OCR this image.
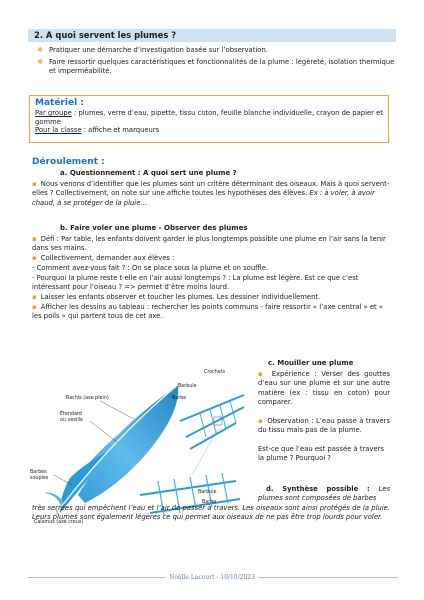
2. A quoi servent les plumes ?
❖ Pratiquer une démarche d’investigation basée sur l’observation.
❖ Faire ressortir quelques caractéristiques et fonctionnalités de la plume : légèreté, isolation thermique et imperméabilité.
Matériel :
Par groupe : plumes, verre d’eau, pipette, tissu coton, feuille blanche individuelle, crayon de papier et gomme
Pour la classe : affiche et marqueurs
Déroulement :
a. Questionnement : A quoi sert une plume ?
▪ Nous venons d’identifier que les plumes sont un critère déterminant des oiseaux. Mais à quoi servent-elles ? Collectivement, on note sur une affiche toutes les hypothèses des élèves. Ex : à voler, à avoir chaud, à se protéger de la pluie…
b. Faire voler une plume - Observer des plumes
▪ Défi : Par table, les enfants doivent garder le plus longtemps possible une plume en l’air sans la tenir dans ses mains.
▪ Collectivement, demander aux élèves :
- Comment avez-vous fait ? : On se place sous la plume et on souffle.
- Pourquoi la plume reste t-elle en l’air aussi longtemps ? : La plume est légère. Est ce que c’est intéressant pour l’oiseau ? => permet d’être moins lourd.
▪ Laisser les enfants observer et toucher les plumes. Les dessiner individuellement.
▪ Afficher les dessins au tableau : rechercher les points communs - faire ressortir « l’axe central » et « les poils » qui partent tous de cet axe.
Rachis (axe plein)
Étendard
ou vexille
Barbes
souples
Calamus (axe creux)
Crochets
Barbule
Barbe
Barbule
Barbe
c. Mouiller une plume
▪ Expérience : Verser des gouttes d’eau sur une plume et sur une autre matière (ex : tissu en coton) pour comparer.
▪ Observation : L’eau passe à travers du tissu mais pas de la plume.
Est-ce que l’eau est passée à travers la plume ? Pourquoi ?
d. Synthèse possible : Les plumes sont composées de barbes
très serrées qui empêchent l’eau et l’air de passer à travers. Les oiseaux sont ainsi protégés de la pluie. Leurs plumes sont également légères ce qui permet aux oiseaux de ne pas être trop lourds pour voler.
Noëlle Lacourt - 10/10/2023
